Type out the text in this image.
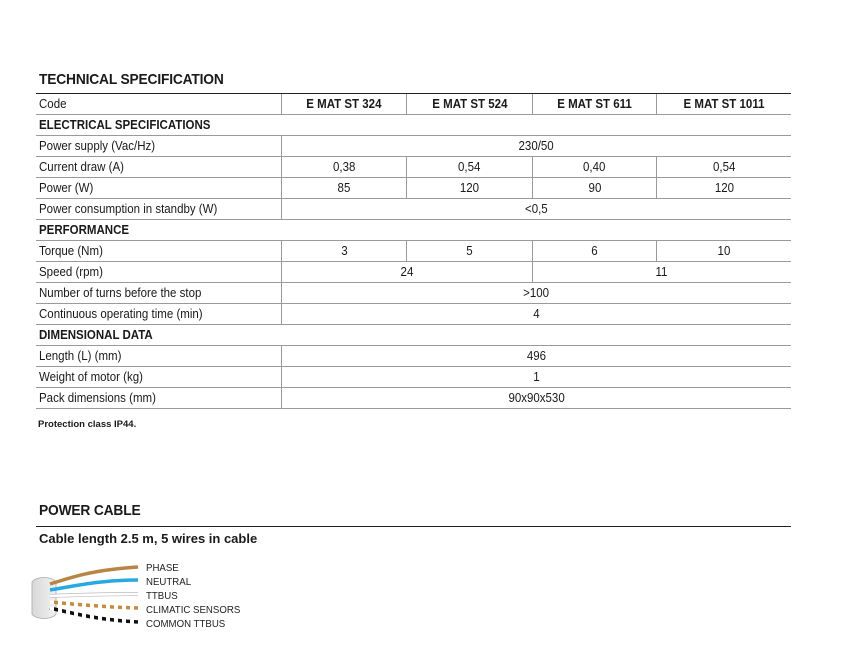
TECHNICAL SPECIFICATION
Code	E MAT ST 324	E MAT ST 524	E MAT ST 611	E MAT ST 1011
ELECTRICAL SPECIFICATIONS				
Power supply (Vac/Hz)	230/50			
Current draw (A)	0,38	0,54	0,40	0,54
Power (W)	85	120	90	120
Power consumption in standby (W)	<0,5			
PERFORMANCE				
Torque (Nm)	3	5	6	10
Speed (rpm)	24		11	
Number of turns before the stop	>100			
Continuous operating time (min)	4			
DIMENSIONAL DATA				
Length (L) (mm)	496			
Weight of motor (kg)	1			
Pack dimensions (mm)	90x90x530			
Protection class IP44.
POWER CABLE
Cable length 2.5 m, 5 wires in cable
PHASE
NEUTRAL
TTBUS
CLIMATIC SENSORS
COMMON TTBUS
